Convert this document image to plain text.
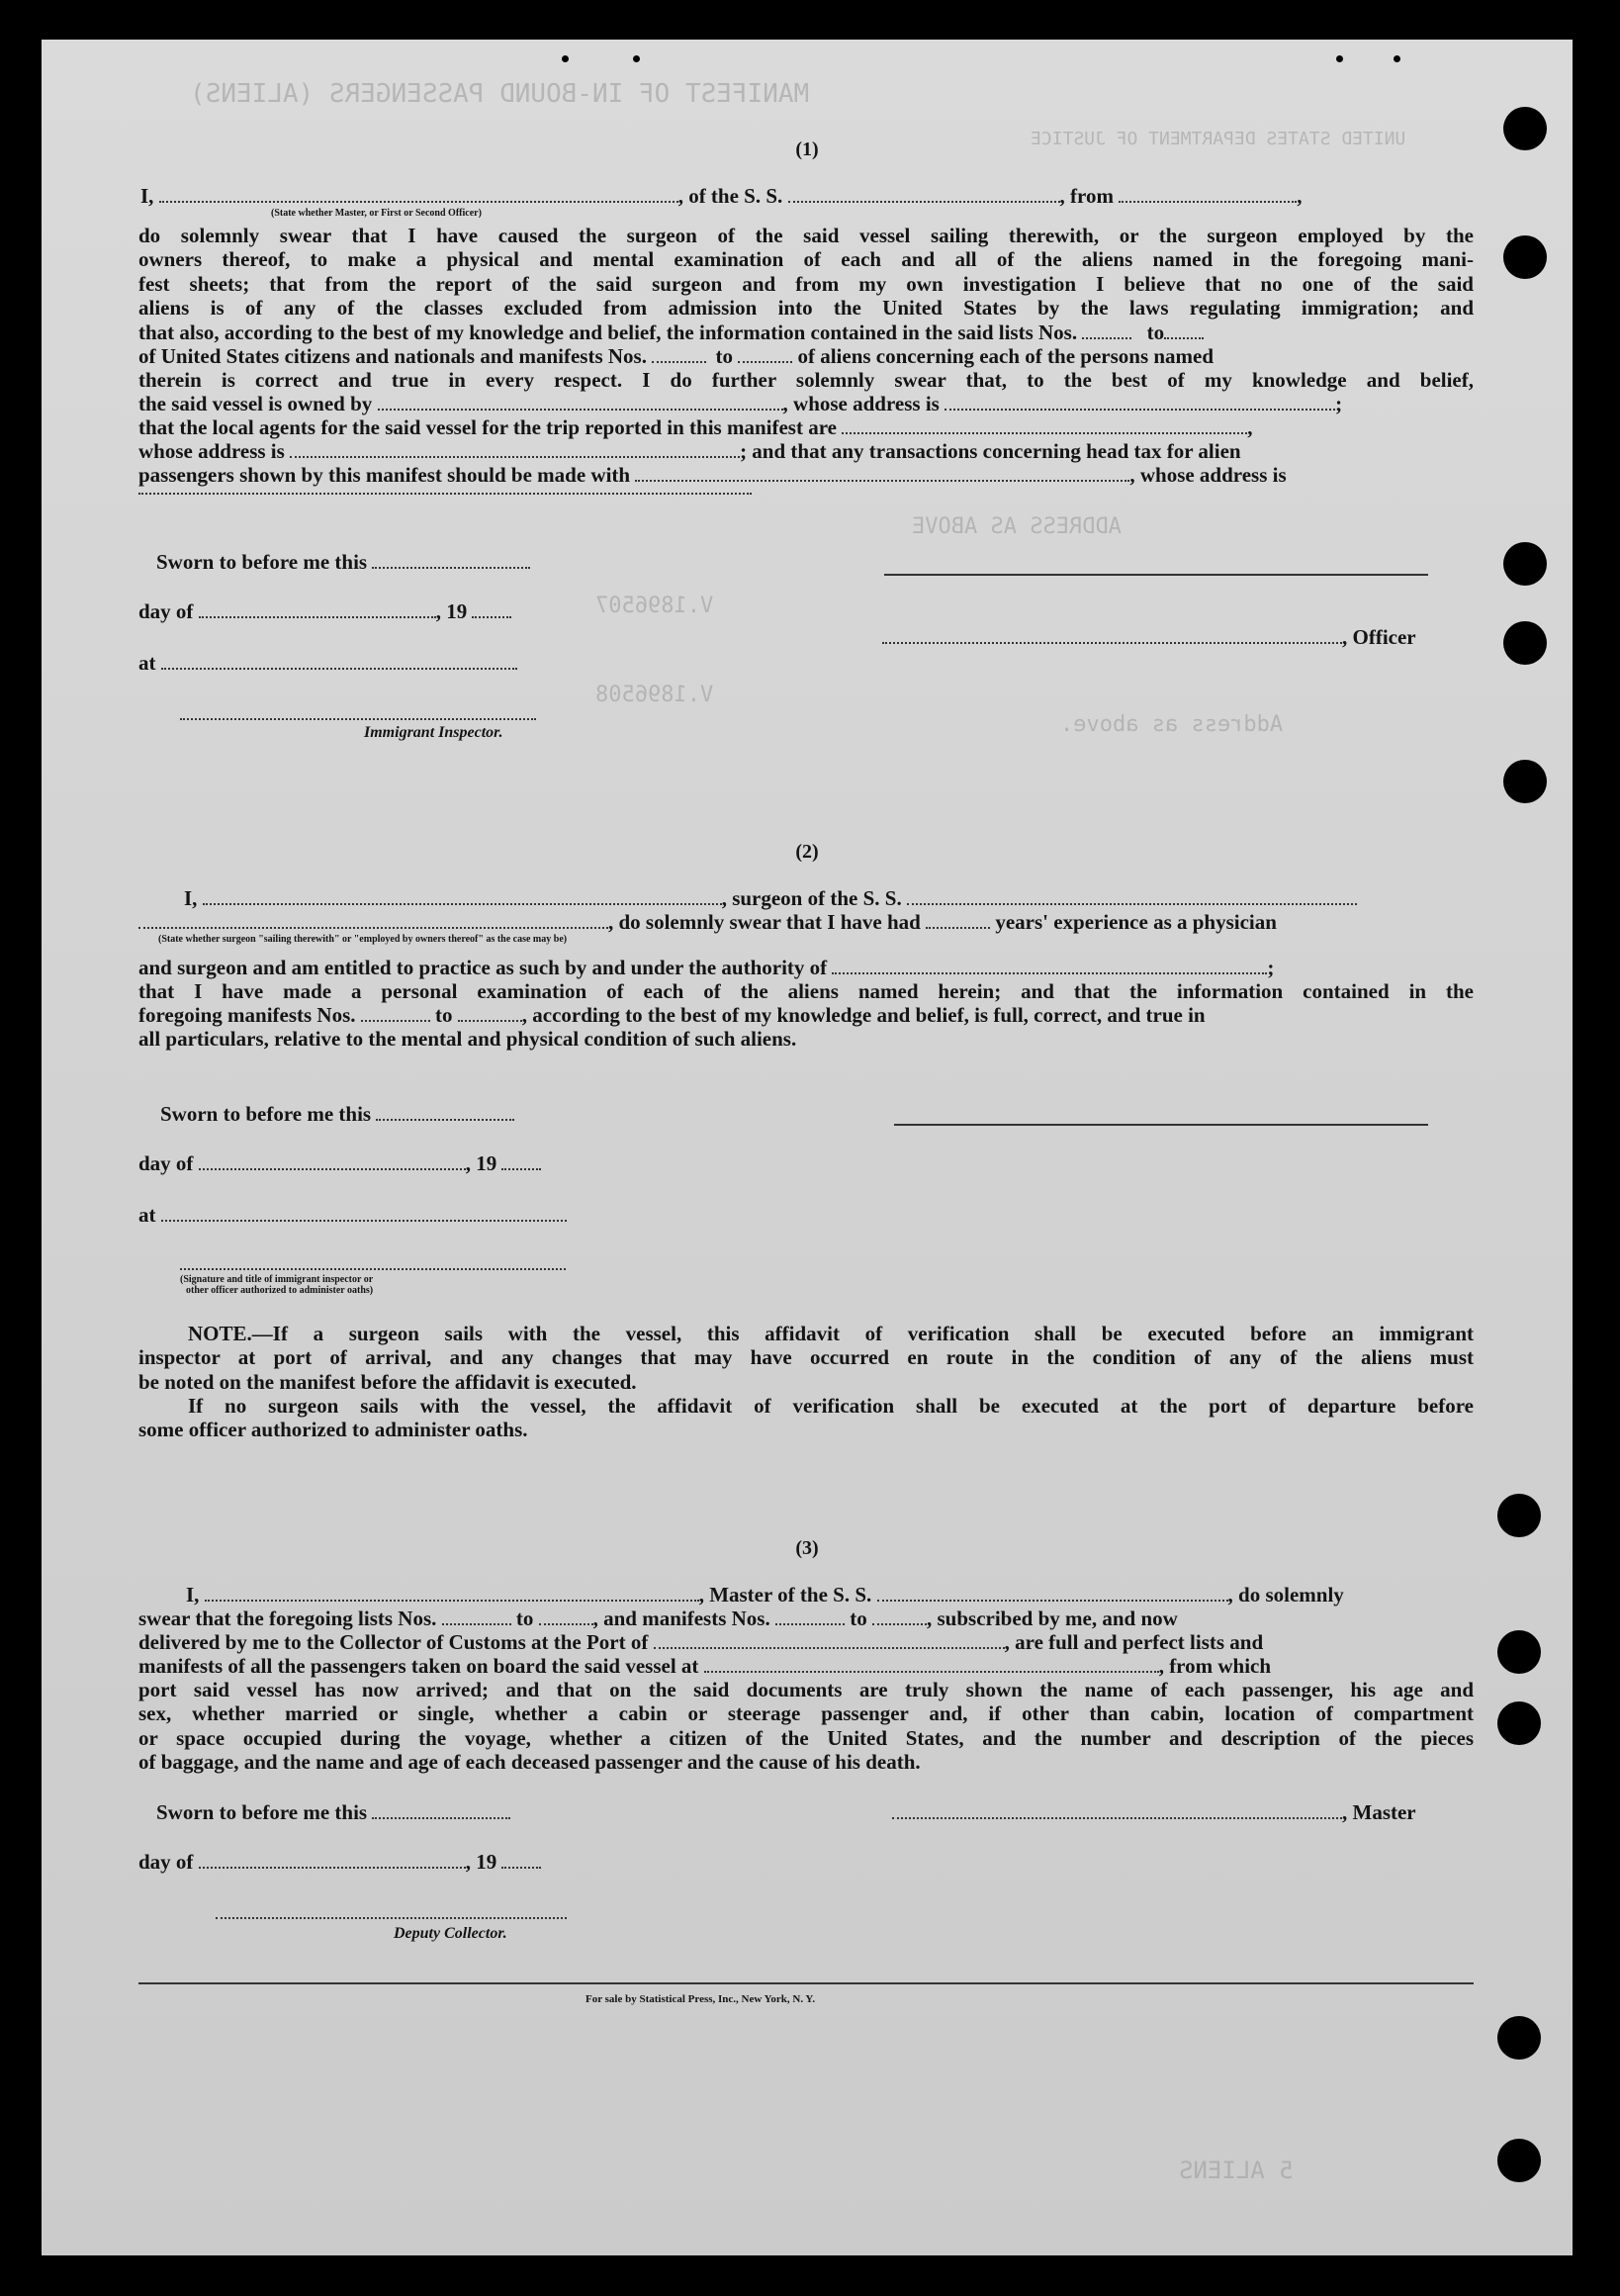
MANIFEST OF IN-BOUND PASSENGERS (ALIENS)
UNITED STATES DEPARTMENT OF JUSTICE
ADDRESS AS ABOVE
V.1896507
V.1896508
Address as above.
5 ALIENS
(1)
I,	, of the S. S.	, from	,
(State whether Master, or First or Second Officer)
do solemnly swear that I have caused the surgeon of the said vessel sailing therewith, or the surgeon employed by the
owners thereof, to make a physical and mental examination of each and all of the aliens named in the foregoing mani-
fest sheets; that from the report of the said surgeon and from my own investigation I believe that no one of the said
aliens is of any of the classes excluded from admission into the United States by the laws regulating immigration; and
that also, according to the best of my knowledge and belief, the information contained in the said lists Nos.	to
of United States citizens and nationals and manifests Nos.	to	of aliens concerning each of the persons named
therein is correct and true in every respect. I do further solemnly swear that, to the best of my knowledge and belief,
the said vessel is owned by	, whose address is	;
that the local agents for the said vessel for the trip reported in this manifest are	,
whose address is	; and that any transactions concerning head tax for alien
passengers shown by this manifest should be made with	, whose address is
Sworn to before me this
day of	, 19
, Officer
at
Immigrant Inspector.
(2)
I,	, surgeon of the S. S.
, do solemnly swear that I have had	years' experience as a physician
(State whether surgeon "sailing therewith" or "employed by owners thereof" as the case may be)
and surgeon and am entitled to practice as such by and under the authority of	;
that I have made a personal examination of each of the aliens named herein; and that the information contained in the
foregoing manifests Nos.	to	, according to the best of my knowledge and belief, is full, correct, and true in
all particulars, relative to the mental and physical condition of such aliens.
Sworn to before me this
day of	, 19
at
(Signature and title of immigrant inspector or
other officer authorized to administer oaths)
NOTE.—If a surgeon sails with the vessel, this affidavit of verification shall be executed before an immigrant
inspector at port of arrival, and any changes that may have occurred en route in the condition of any of the aliens must
be noted on the manifest before the affidavit is executed.
If no surgeon sails with the vessel, the affidavit of verification shall be executed at the port of departure before
some officer authorized to administer oaths.
(3)
I,	, Master of the S. S.	, do solemnly
swear that the foregoing lists Nos.	to	, and manifests Nos.	to	, subscribed by me, and now
delivered by me to the Collector of Customs at the Port of	, are full and perfect lists and
manifests of all the passengers taken on board the said vessel at	, from which
port said vessel has now arrived; and that on the said documents are truly shown the name of each passenger, his age and
sex, whether married or single, whether a cabin or steerage passenger and, if other than cabin, location of compartment
or space occupied during the voyage, whether a citizen of the United States, and the number and description of the pieces
of baggage, and the name and age of each deceased passenger and the cause of his death.
Sworn to before me this	, Master
day of	, 19
Deputy Collector.
For sale by Statistical Press, Inc., New York, N. Y.
